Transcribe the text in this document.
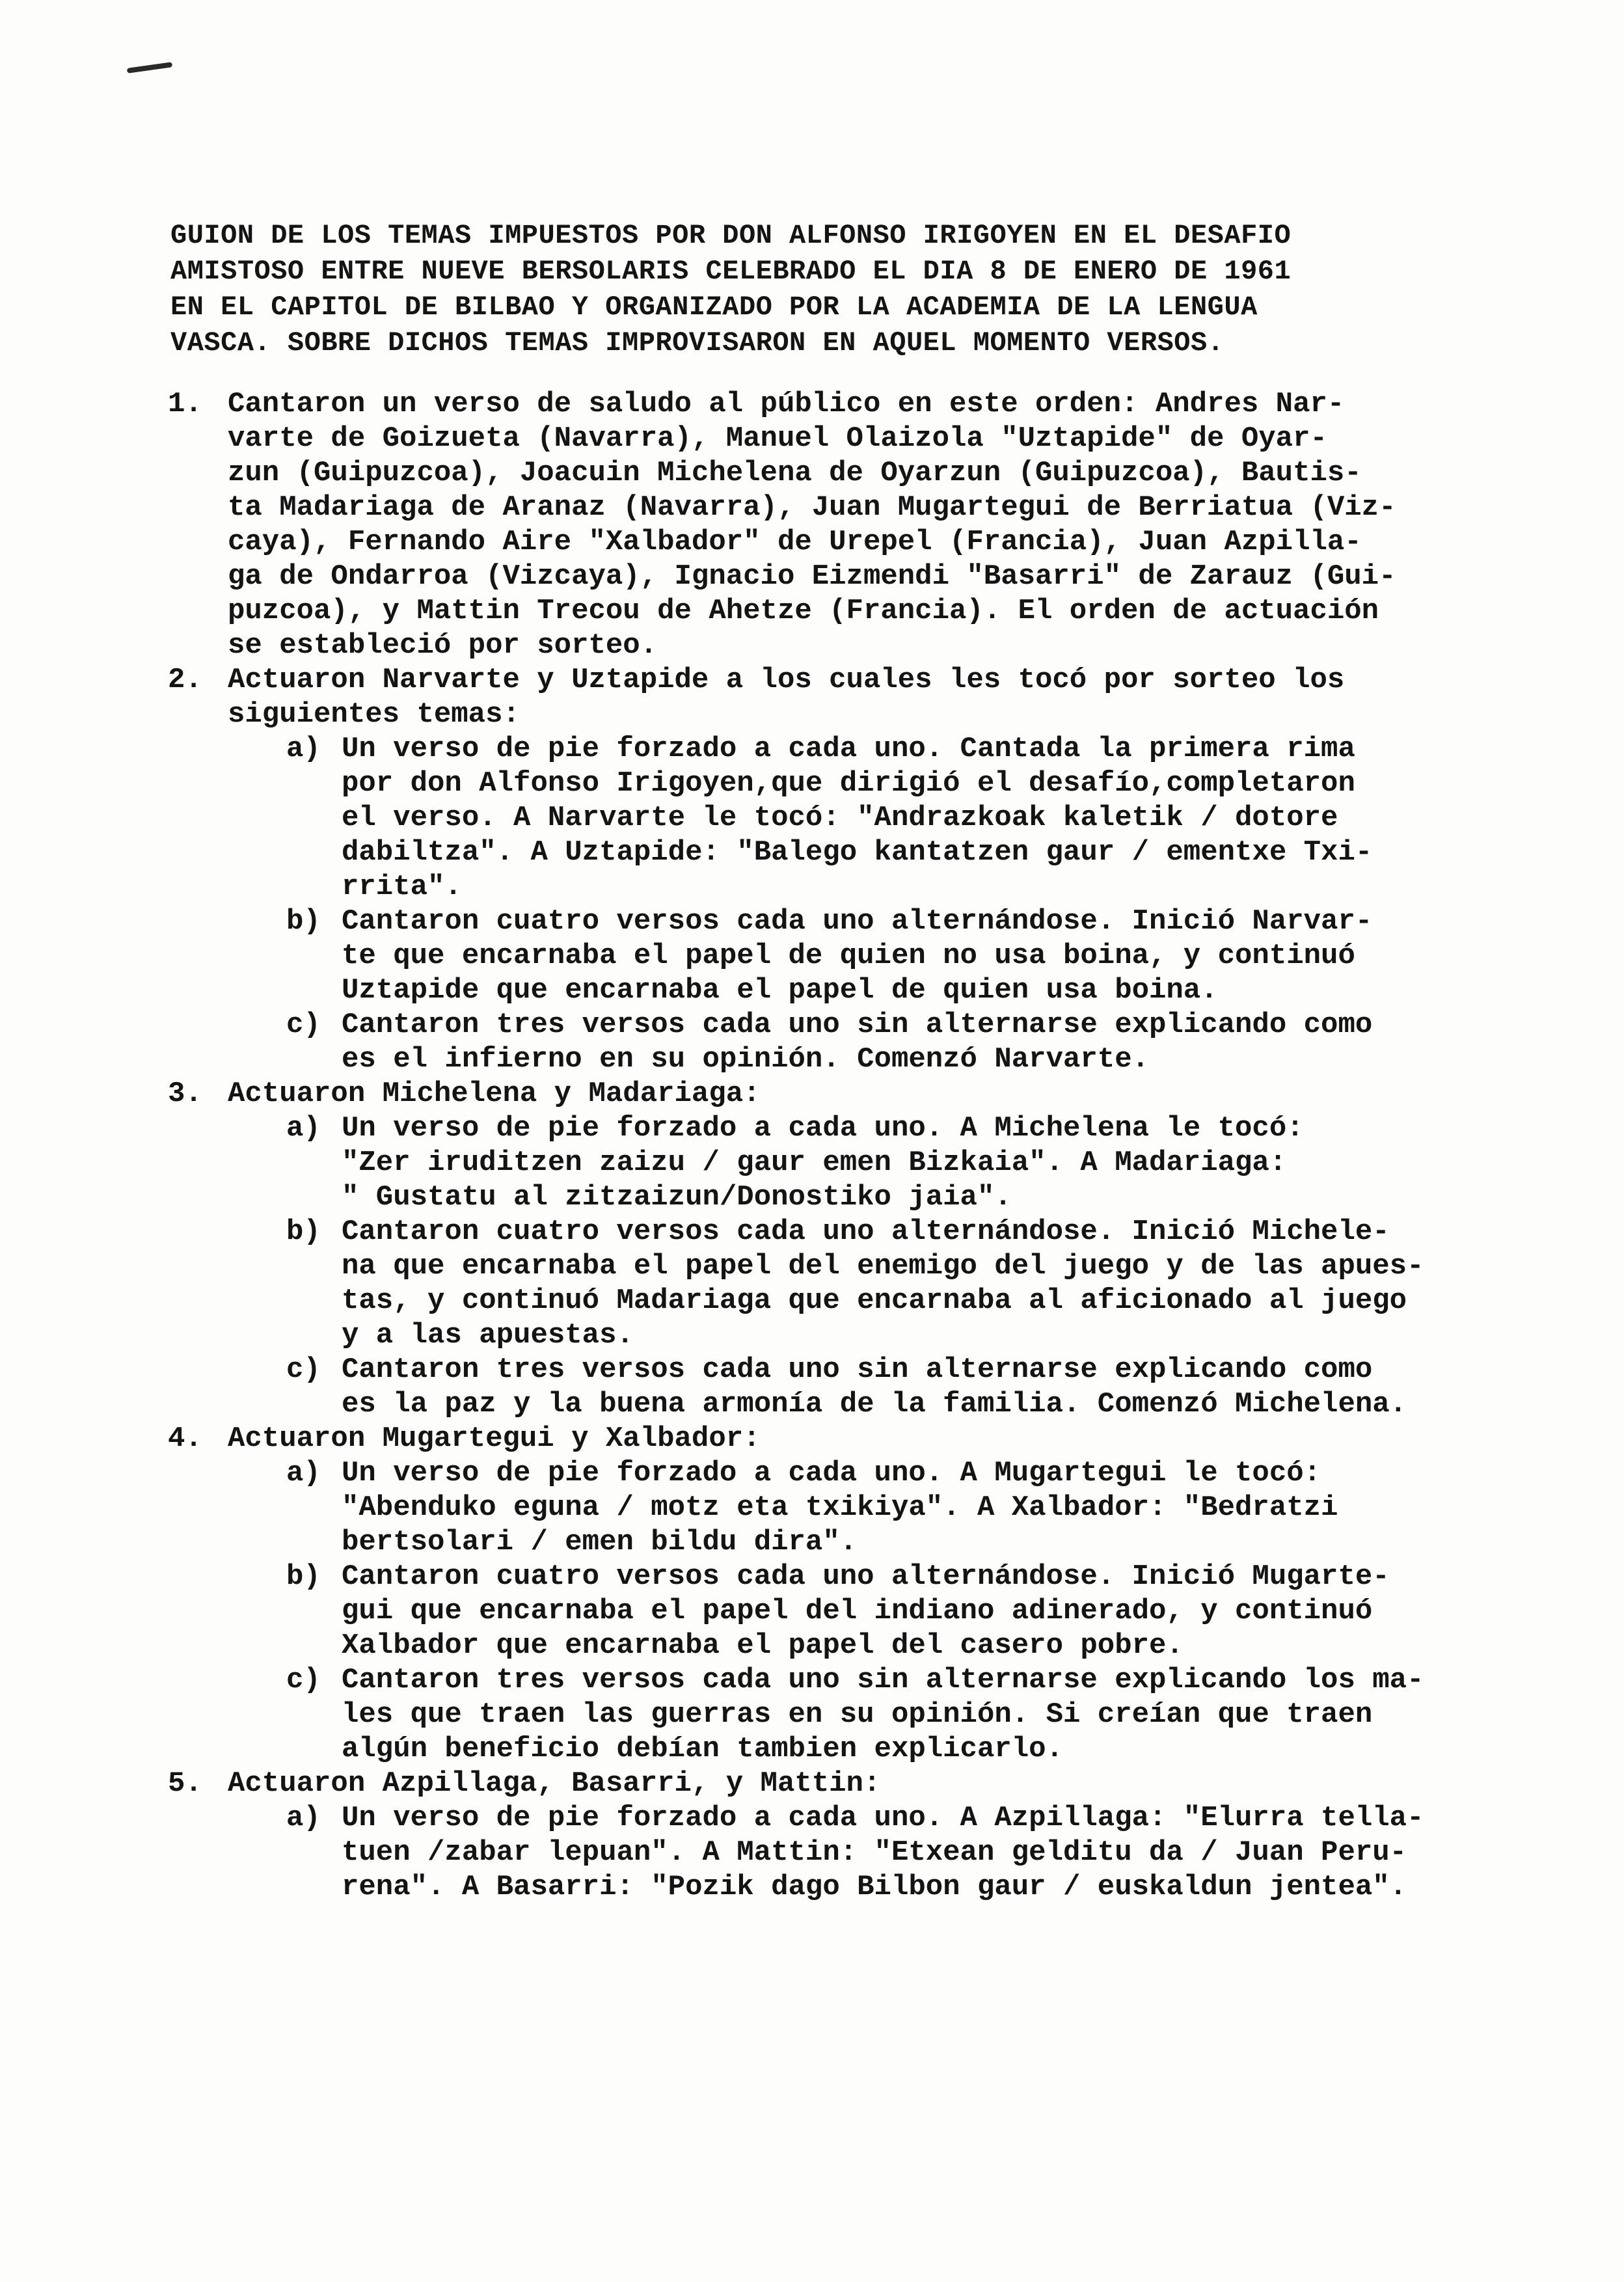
GUION DE LOS TEMAS IMPUESTOS POR DON ALFONSO IRIGOYEN EN EL DESAFIO
AMISTOSO ENTRE NUEVE BERSOLARIS CELEBRADO EL DIA 8 DE ENERO DE 1961
EN EL CAPITOL DE BILBAO Y ORGANIZADO POR LA ACADEMIA DE LA LENGUA
VASCA. SOBRE DICHOS TEMAS IMPROVISARON EN AQUEL MOMENTO VERSOS.
1. Cantaron un verso de saludo al público en este orden: Andres Nar-
varte de Goizueta (Navarra), Manuel Olaizola "Uztapide" de Oyar-
zun (Guipuzcoa), Joacuin Michelena de Oyarzun (Guipuzcoa), Bautis-
ta Madariaga de Aranaz (Navarra), Juan Mugartegui de Berriatua (Viz-
caya), Fernando Aire "Xalbador" de Urepel (Francia), Juan Azpilla-
ga de Ondarroa (Vizcaya), Ignacio Eizmendi "Basarri" de Zarauz (Gui-
puzcoa), y Mattin Trecou de Ahetze (Francia). El orden de actuación
se estableció por sorteo.
2. Actuaron Narvarte y Uztapide a los cuales les tocó por sorteo los
siguientes temas:
a) Un verso de pie forzado a cada uno. Cantada la primera rima
por don Alfonso Irigoyen,que dirigió el desafío,completaron
el verso. A Narvarte le tocó: "Andrazkoak kaletik / dotore
dabiltza". A Uztapide: "Balego kantatzen gaur / ementxe Txi-
rrita".
b) Cantaron cuatro versos cada uno alternándose. Inició Narvar-
te que encarnaba el papel de quien no usa boina, y continuó
Uztapide que encarnaba el papel de quien usa boina.
c) Cantaron tres versos cada uno sin alternarse explicando como
es el infierno en su opinión. Comenzó Narvarte.
3. Actuaron Michelena y Madariaga:
a) Un verso de pie forzado a cada uno. A Michelena le tocó:
"Zer iruditzen zaizu / gaur emen Bizkaia". A Madariaga:
" Gustatu al zitzaizun/Donostiko jaia".
b) Cantaron cuatro versos cada uno alternándose. Inició Michele-
na que encarnaba el papel del enemigo del juego y de las apues-
tas, y continuó Madariaga que encarnaba al aficionado al juego
y a las apuestas.
c) Cantaron tres versos cada uno sin alternarse explicando como
es la paz y la buena armonía de la familia. Comenzó Michelena.
4. Actuaron Mugartegui y Xalbador:
a) Un verso de pie forzado a cada uno. A Mugartegui le tocó:
"Abenduko eguna / motz eta txikiya". A Xalbador: "Bedratzi
bertsolari / emen bildu dira".
b) Cantaron cuatro versos cada uno alternándose. Inició Mugarte-
gui que encarnaba el papel del indiano adinerado, y continuó
Xalbador que encarnaba el papel del casero pobre.
c) Cantaron tres versos cada uno sin alternarse explicando los ma-
les que traen las guerras en su opinión. Si creían que traen
algún beneficio debían tambien explicarlo.
5. Actuaron Azpillaga, Basarri, y Mattin:
a) Un verso de pie forzado a cada uno. A Azpillaga: "Elurra tella-
tuen /zabar lepuan". A Mattin: "Etxean gelditu da / Juan Peru-
rena". A Basarri: "Pozik dago Bilbon gaur / euskaldun jentea".
